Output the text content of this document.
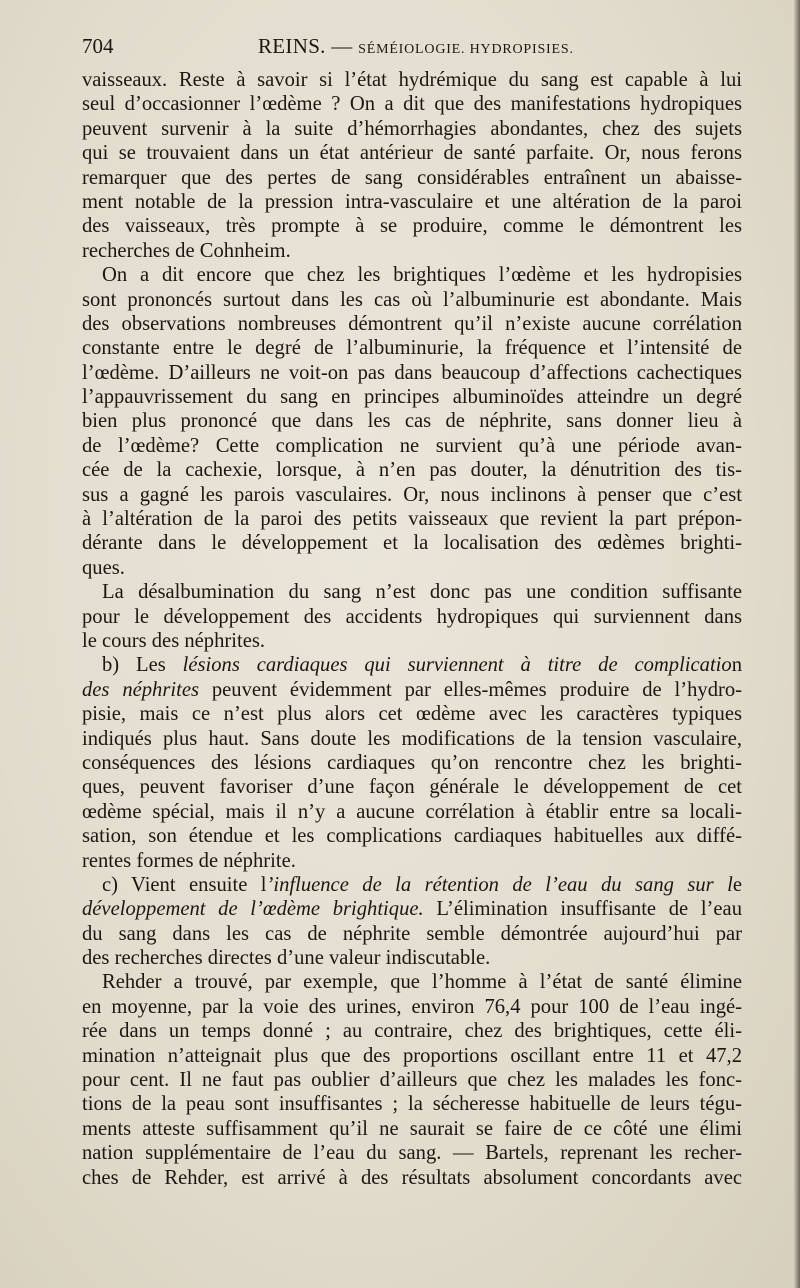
704	REINS. — SÉMÉIOLOGIE. HYDROPISIES.
vaisseaux. Reste à savoir si l’état hydrémique du sang est capable à lui
seul d’occasionner l’œdème ? On a dit que des manifestations hydropiques
peuvent survenir à la suite d’hémorrhagies abondantes, chez des sujets
qui se trouvaient dans un état antérieur de santé parfaite. Or, nous ferons
remarquer que des pertes de sang considérables entraînent un abaisse-
ment notable de la pression intra-vasculaire et une altération de la paroi
des vaisseaux, très prompte à se produire, comme le démontrent les
recherches de Cohnheim.
On a dit encore que chez les brightiques l’œdème et les hydropisies
sont prononcés surtout dans les cas où l’albuminurie est abondante. Mais
des observations nombreuses démontrent qu’il n’existe aucune corrélation
constante entre le degré de l’albuminurie, la fréquence et l’intensité de
l’œdème. D’ailleurs ne voit-on pas dans beaucoup d’affections cachectiques
l’appauvrissement du sang en principes albuminoïdes atteindre un degré
bien plus prononcé que dans les cas de néphrite, sans donner lieu à
de l’œdème? Cette complication ne survient qu’à une période avan-
cée de la cachexie, lorsque, à n’en pas douter, la dénutrition des tis-
sus a gagné les parois vasculaires. Or, nous inclinons à penser que c’est
à l’altération de la paroi des petits vaisseaux que revient la part prépon-
dérante dans le développement et la localisation des œdèmes brighti-
ques.
La désalbumination du sang n’est donc pas une condition suffisante
pour le développement des accidents hydropiques qui surviennent dans
le cours des néphrites.
b) Les lésions cardiaques qui surviennent à titre de complication
des néphrites peuvent évidemment par elles-mêmes produire de l’hydro-
pisie, mais ce n’est plus alors cet œdème avec les caractères typiques
indiqués plus haut. Sans doute les modifications de la tension vasculaire,
conséquences des lésions cardiaques qu’on rencontre chez les brighti-
ques, peuvent favoriser d’une façon générale le développement de cet
œdème spécial, mais il n’y a aucune corrélation à établir entre sa locali-
sation, son étendue et les complications cardiaques habituelles aux diffé-
rentes formes de néphrite.
c) Vient ensuite l’influence de la rétention de l’eau du sang sur le
développement de l’œdème brightique. L’élimination insuffisante de l’eau
du sang dans les cas de néphrite semble démontrée aujourd’hui par
des recherches directes d’une valeur indiscutable.
Rehder a trouvé, par exemple, que l’homme à l’état de santé élimine
en moyenne, par la voie des urines, environ 76,4 pour 100 de l’eau ingé-
rée dans un temps donné ; au contraire, chez des brightiques, cette éli-
mination n’atteignait plus que des proportions oscillant entre 11 et 47,2
pour cent. Il ne faut pas oublier d’ailleurs que chez les malades les fonc-
tions de la peau sont insuffisantes ; la sécheresse habituelle de leurs tégu-
ments atteste suffisamment qu’il ne saurait se faire de ce côté une élimi
nation supplémentaire de l’eau du sang. — Bartels, reprenant les recher-
ches de Rehder, est arrivé à des résultats absolument concordants avec
